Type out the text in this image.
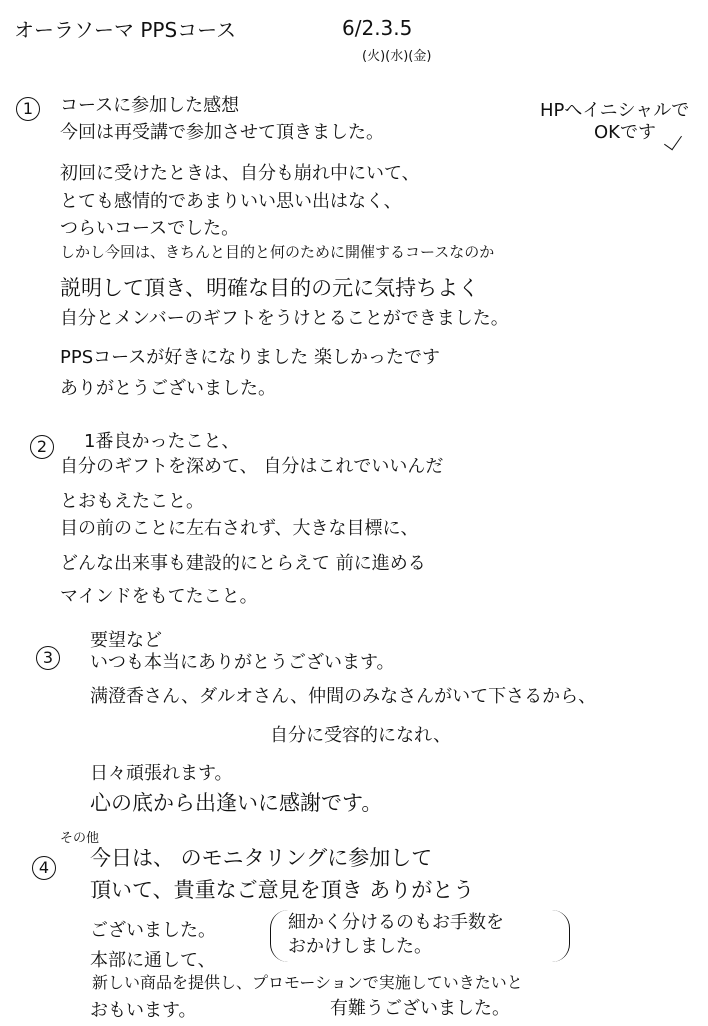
オーラソーマ PPSコース	6/2.3.5
(火)(水)(金)
HPへイニシャルで
OKです
1	コースに参加した感想
今回は再受講で参加させて頂きました。
初回に受けたときは、自分も崩れ中にいて、
とても感情的であまりいい思い出はなく、
つらいコースでした。
しかし今回は、きちんと目的と何のために開催するコースなのか
説明して頂き、明確な目的の元に気持ちよく
自分とメンバーのギフトをうけとることができました。
PPSコースが好きになりました 楽しかったです
ありがとうございました。
2	1番良かったこと、
自分のギフトを深めて、 自分はこれでいいんだ
とおもえたこと。
目の前のことに左右されず、大きな目標に、
どんな出来事も建設的にとらえて 前に進める
マインドをもてたこと。
3
要望など
いつも本当にありがとうございます。
满澄香さん、ダルオさん、仲間のみなさんがいて下さるから、
自分に受容的になれ、
日々頑張れます。
心の底から出逢いに感謝です。
その他
4	今日は、 のモニタリングに参加して
頂いて、貴重なご意見を頂き ありがとう
ございました。	細かく分けるのもお手数を
おかけしました。
本部に通して、
新しい商品を提供し、プロモーションで実施していきたいと
おもいます。	有難うございました。
